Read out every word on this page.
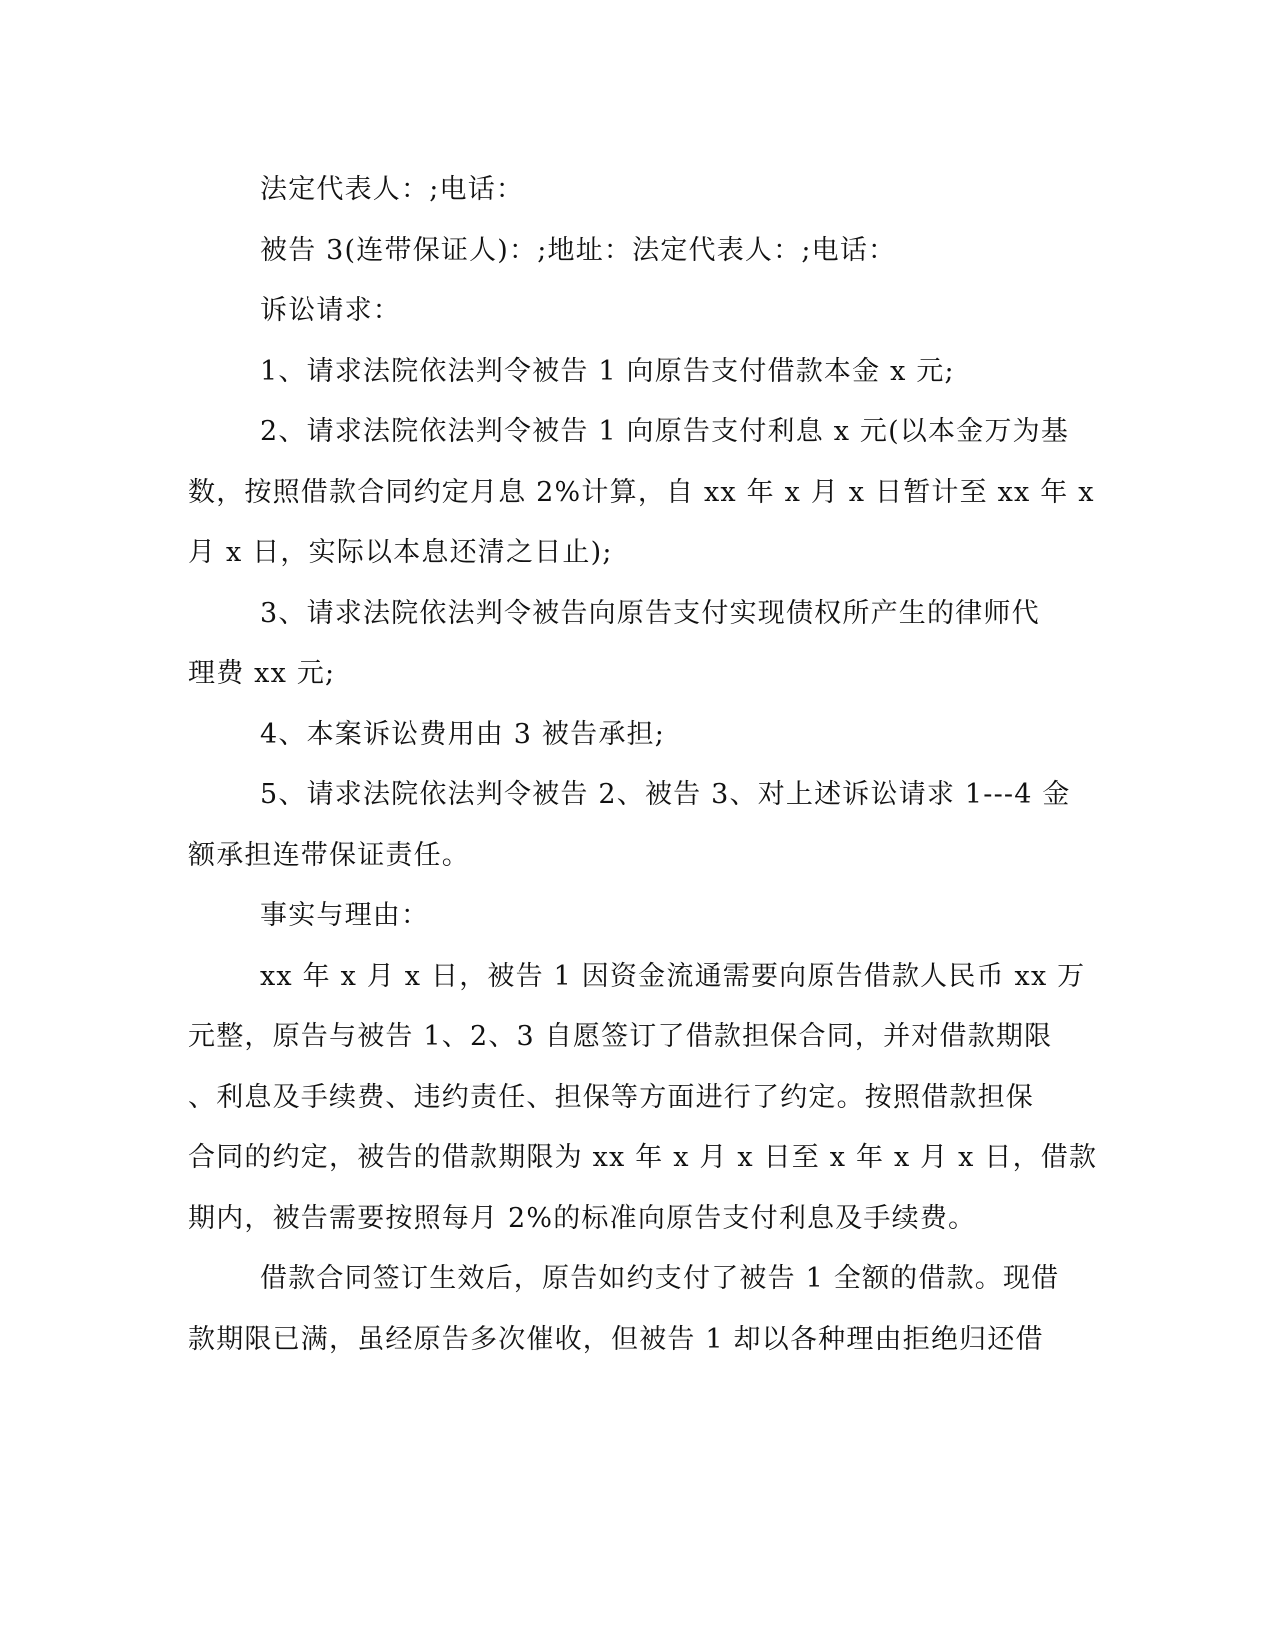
法定代表人：;电话：
被告 3(连带保证人)：;地址：法定代表人：;电话：
诉讼请求：
1、请求法院依法判令被告 1 向原告支付借款本金 x 元;
2、请求法院依法判令被告 1 向原告支付利息 x 元(以本金万为基
数，按照借款合同约定月息 2%计算，自 xx 年 x 月 x 日暂计至 xx 年 x
月 x 日，实际以本息还清之日止);
3、请求法院依法判令被告向原告支付实现债权所产生的律师代
理费 xx 元;
4、本案诉讼费用由 3 被告承担;
5、请求法院依法判令被告 2、被告 3、对上述诉讼请求 1---4 金
额承担连带保证责任。
事实与理由：
xx 年 x 月 x 日，被告 1 因资金流通需要向原告借款人民币 xx 万
元整，原告与被告 1、2、3 自愿签订了借款担保合同，并对借款期限
、利息及手续费、违约责任、担保等方面进行了约定。按照借款担保
合同的约定，被告的借款期限为 xx 年 x 月 x 日至 x 年 x 月 x 日，借款
期内，被告需要按照每月 2%的标准向原告支付利息及手续费。
借款合同签订生效后，原告如约支付了被告 1 全额的借款。现借
款期限已满，虽经原告多次催收，但被告 1 却以各种理由拒绝归还借
